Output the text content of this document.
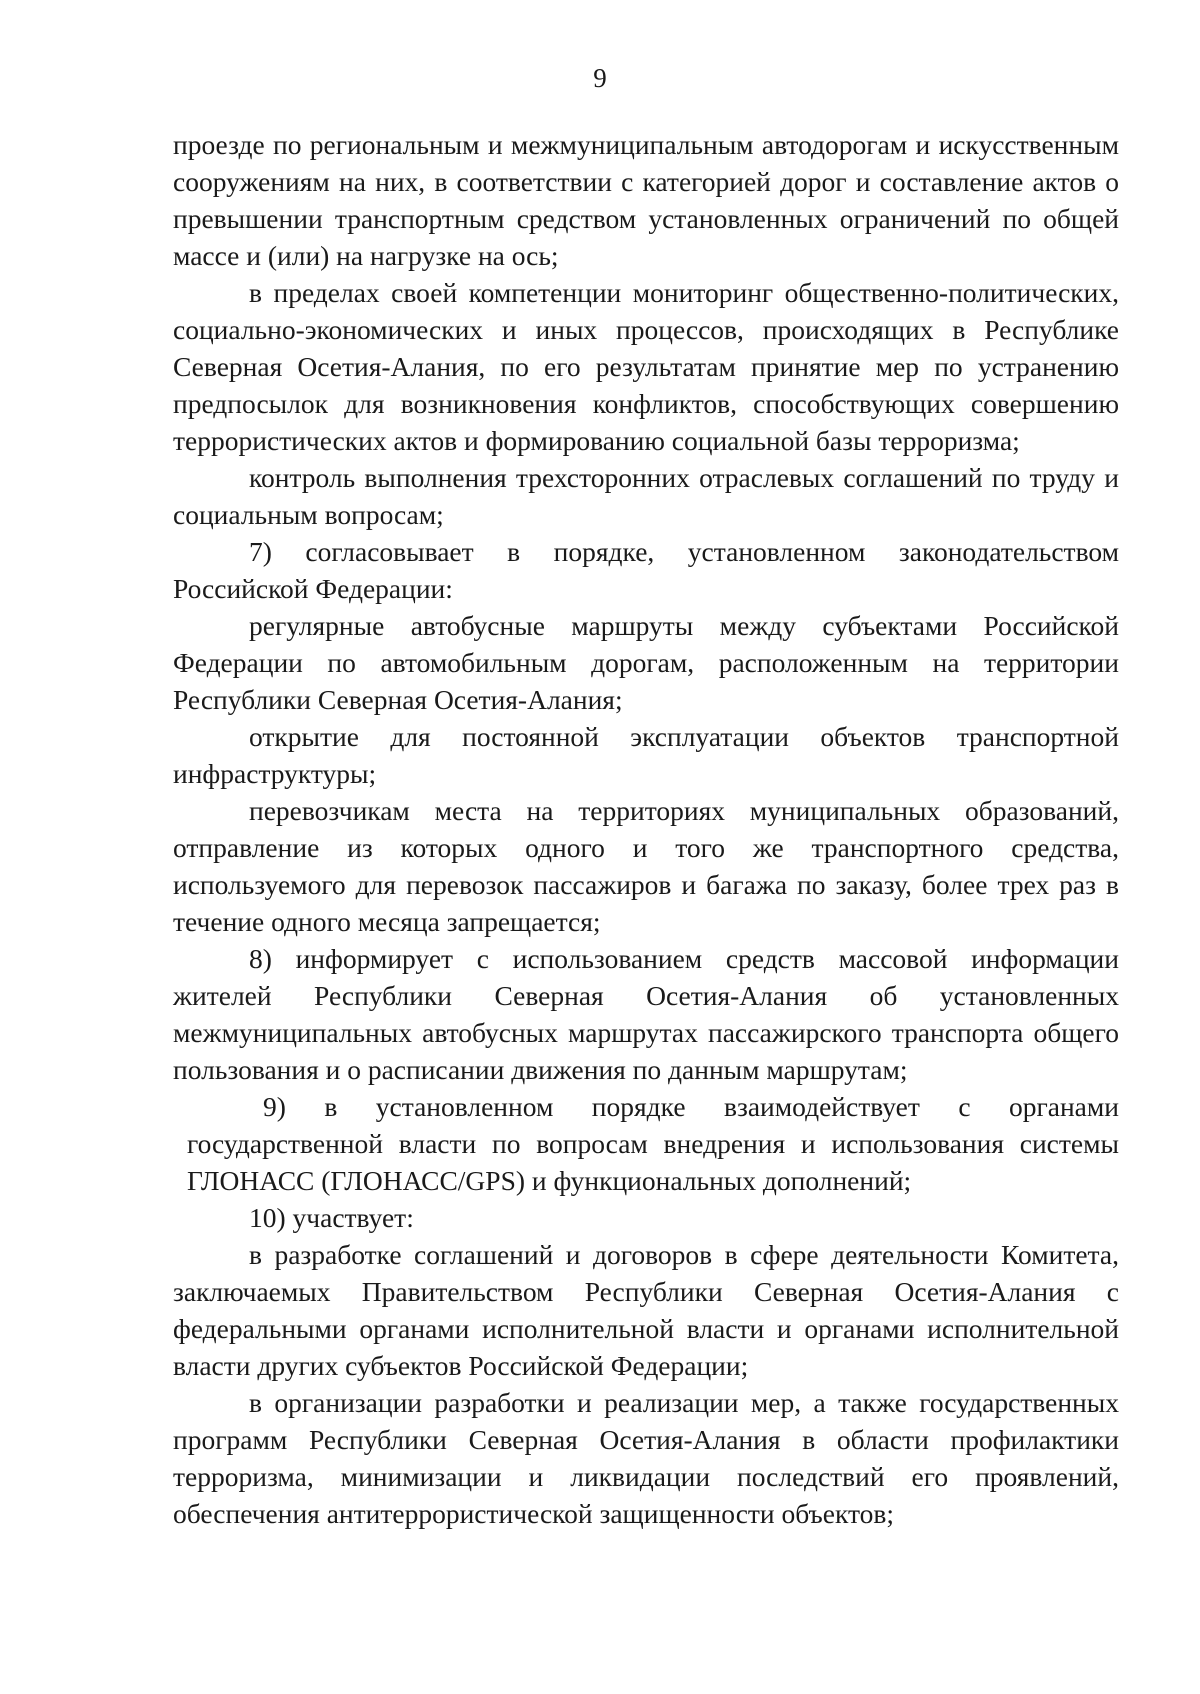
9

проезде по региональным и межмуниципальным автодорогам и искусственным сооружениям на них, в соответствии с категорией дорог и составление актов о превышении транспортным средством установленных ограничений по общей массе и (или) на нагрузке на ось;

в пределах своей компетенции мониторинг общественно-политических, социально-экономических и иных процессов, происходящих в Республике Северная Осетия-Алания, по его результатам принятие мер по устранению предпосылок для возникновения конфликтов, способствующих совершению террористических актов и формированию социальной базы терроризма;

контроль выполнения трехсторонних отраслевых соглашений по труду и социальным вопросам;

7) согласовывает в порядке, установленном законодательством Российской Федерации:

регулярные автобусные маршруты между субъектами Российской Федерации по автомобильным дорогам, расположенным на территории Республики Северная Осетия-Алания;

открытие для постоянной эксплуатации объектов транспортной инфраструктуры;

перевозчикам места на территориях муниципальных образований, отправление из которых одного и того же транспортного средства, используемого для перевозок пассажиров и багажа по заказу, более трех раз в течение одного месяца запрещается;

8) информирует с использованием средств массовой информации жителей Республики Северная Осетия-Алания об установленных межмуниципальных автобусных маршрутах пассажирского транспорта общего пользования и о расписании движения по данным маршрутам;

9) в установленном порядке взаимодействует с органами государственной власти по вопросам внедрения и использования системы ГЛОНАСС (ГЛОНАСС/GPS) и функциональных дополнений;

10) участвует:

в разработке соглашений и договоров в сфере деятельности Комитета, заключаемых Правительством Республики Северная Осетия-Алания с федеральными органами исполнительной власти и органами исполнительной власти других субъектов Российской Федерации;

в организации разработки и реализации мер, а также государственных программ Республики Северная Осетия-Алания в области профилактики терроризма, минимизации и ликвидации последствий его проявлений, обеспечения антитеррористической защищенности объектов;
